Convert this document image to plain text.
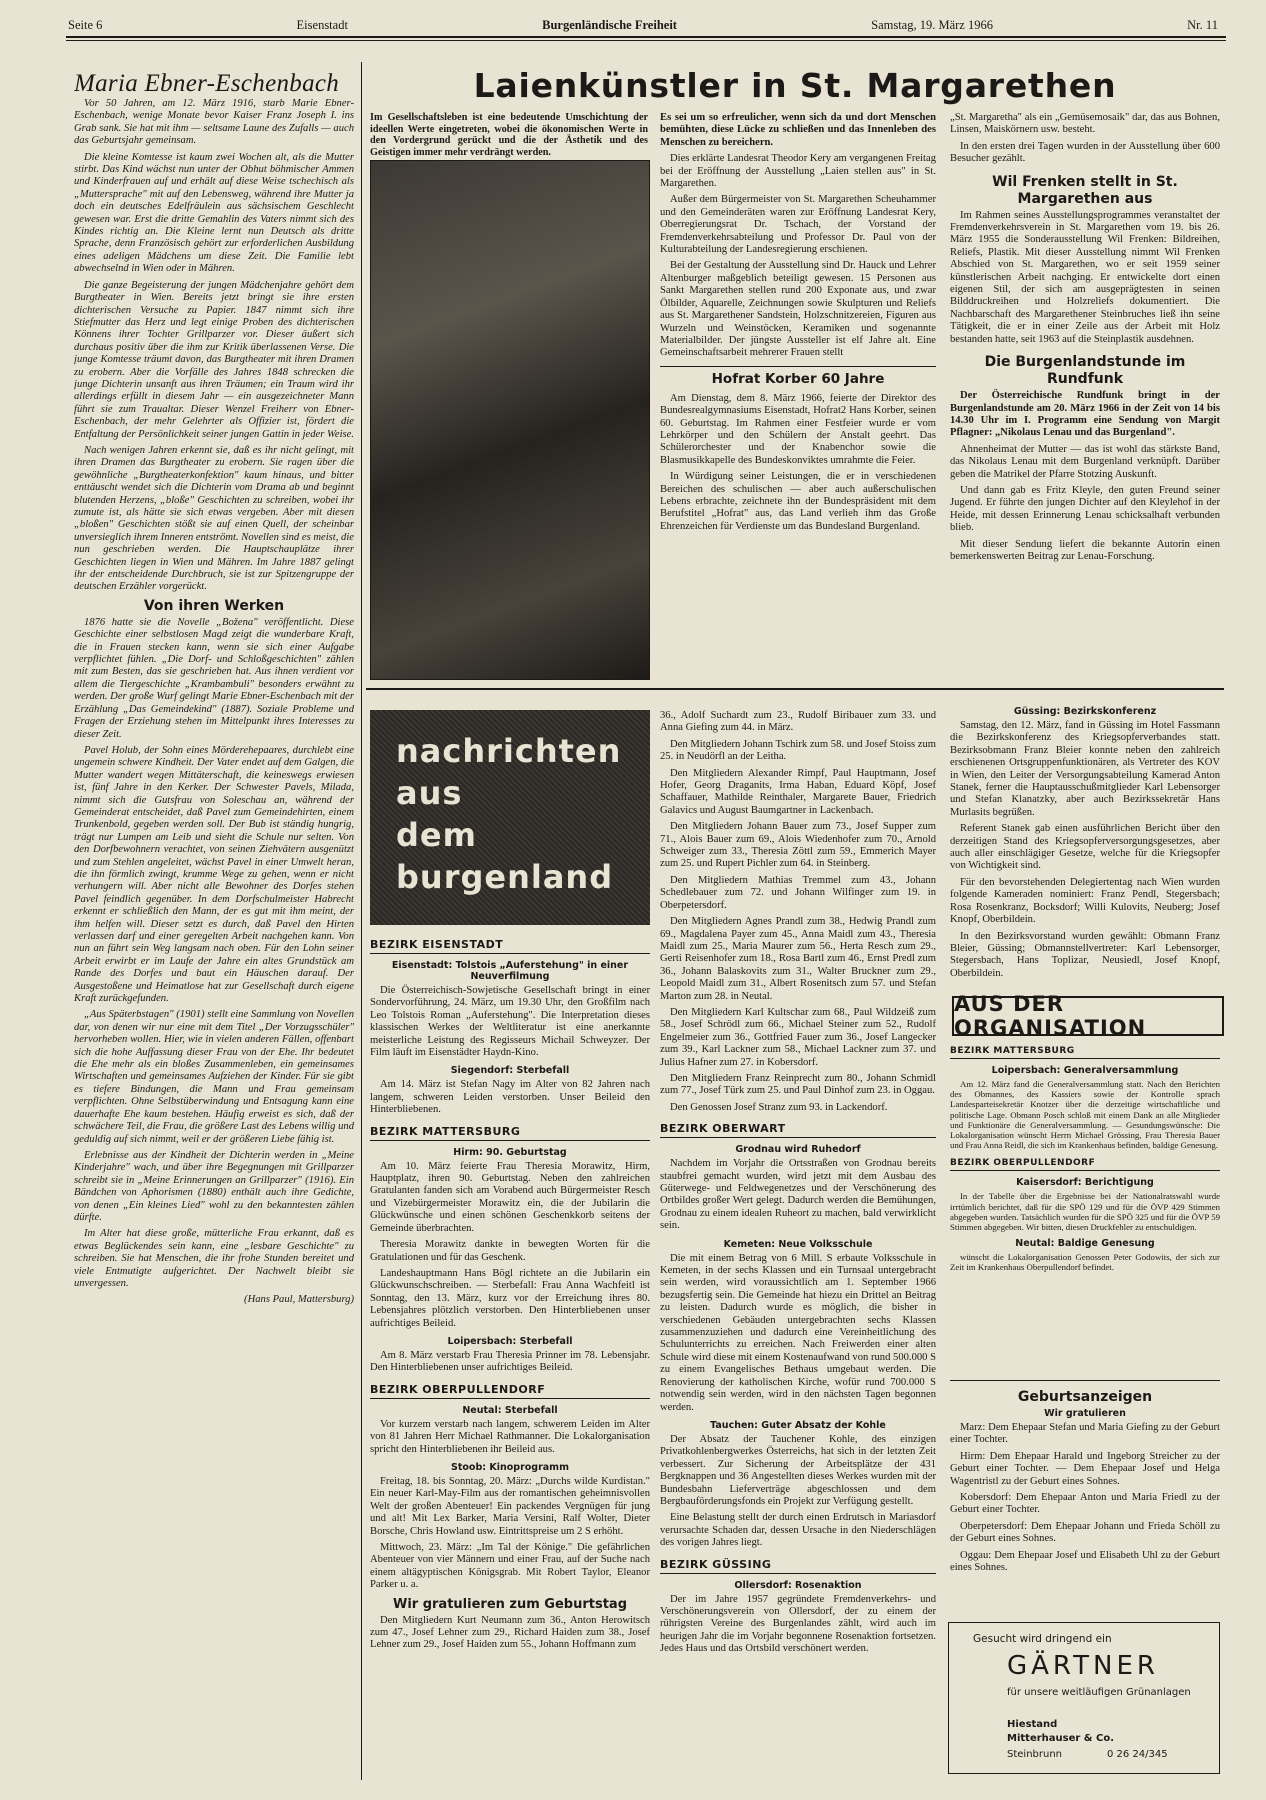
Seite 6	Eisenstadt	Burgenländische Freiheit	Samstag, 19. März 1966	Nr. 11
Maria Ebner-Eschenbach

Vor 50 Jahren, am 12. März 1916, starb Marie Ebner-Eschenbach, wenige Monate bevor Kaiser Franz Joseph I. ins Grab sank. Sie hat mit ihm — seltsame Laune des Zufalls — auch das Geburtsjahr gemeinsam.

Die kleine Komtesse ist kaum zwei Wochen alt, als die Mutter stirbt. Das Kind wächst nun unter der Obhut böhmischer Ammen und Kinderfrauen auf und erhält auf diese Weise tschechisch als „Muttersprache" mit auf den Lebensweg, während ihre Mutter ja doch ein deutsches Edelfräulein aus sächsischem Geschlecht gewesen war. Erst die dritte Gemahlin des Vaters nimmt sich des Kindes richtig an. Die Kleine lernt nun Deutsch als dritte Sprache, denn Französisch gehört zur erforderlichen Ausbildung eines adeligen Mädchens um diese Zeit. Die Familie lebt abwechselnd in Wien oder in Mähren.

Die ganze Begeisterung der jungen Mädchenjahre gehört dem Burgtheater in Wien. Bereits jetzt bringt sie ihre ersten dichterischen Versuche zu Papier. 1847 nimmt sich ihre Stiefmutter das Herz und legt einige Proben des dichterischen Könnens ihrer Tochter Grillparzer vor. Dieser äußert sich durchaus positiv über die ihm zur Kritik überlassenen Verse. Die junge Komtesse träumt davon, das Burgtheater mit ihren Dramen zu erobern. Aber die Vorfälle des Jahres 1848 schrecken die junge Dichterin unsanft aus ihren Träumen; ein Traum wird ihr allerdings erfüllt in diesem Jahr — ein ausgezeichneter Mann führt sie zum Traualtar. Dieser Wenzel Freiherr von Ebner-Eschenbach, der mehr Gelehrter als Offizier ist, fördert die Entfaltung der Persönlichkeit seiner jungen Gattin in jeder Weise.

Nach wenigen Jahren erkennt sie, daß es ihr nicht gelingt, mit ihren Dramen das Burgtheater zu erobern. Sie ragen über die gewöhnliche „Burgtheaterkonfektion" kaum hinaus, und bitter enttäuscht wendet sich die Dichterin vom Drama ab und beginnt blutenden Herzens, „bloße" Geschichten zu schreiben, wobei ihr zumute ist, als hätte sie sich etwas vergeben. Aber mit diesen „bloßen" Geschichten stößt sie auf einen Quell, der scheinbar unversieglich ihrem Inneren entströmt. Novellen sind es meist, die nun geschrieben werden. Die Hauptschauplätze ihrer Geschichten liegen in Wien und Mähren. Im Jahre 1887 gelingt ihr der entscheidende Durchbruch, sie ist zur Spitzengruppe der deutschen Erzähler vorgerückt.

Von ihren Werken

1876 hatte sie die Novelle „Božena" veröffentlicht. Diese Geschichte einer selbstlosen Magd zeigt die wunderbare Kraft, die in Frauen stecken kann, wenn sie sich einer Aufgabe verpflichtet fühlen. „Die Dorf- und Schloßgeschichten" zählen mit zum Besten, das sie geschrieben hat. Aus ihnen verdient vor allem die Tiergeschichte „Krambambuli" besonders erwähnt zu werden. Der große Wurf gelingt Marie Ebner-Eschenbach mit der Erzählung „Das Gemeindekind" (1887). Soziale Probleme und Fragen der Erziehung stehen im Mittelpunkt ihres Interesses zu dieser Zeit.

Pavel Holub, der Sohn eines Mörderehepaares, durchlebt eine ungemein schwere Kindheit. Der Vater endet auf dem Galgen, die Mutter wandert wegen Mittäterschaft, die keineswegs erwiesen ist, fünf Jahre in den Kerker. Der Schwester Pavels, Milada, nimmt sich die Gutsfrau von Soleschau an, während der Gemeinderat entscheidet, daß Pavel zum Gemeindehirten, einem Trunkenbold, gegeben werden soll. Der Bub ist ständig hungrig, trägt nur Lumpen am Leib und sieht die Schule nur selten. Von den Dorfbewohnern verachtet, von seinen Ziehvätern ausgenützt und zum Stehlen angeleitet, wächst Pavel in einer Umwelt heran, die ihn förmlich zwingt, krumme Wege zu gehen, wenn er nicht verhungern will. Aber nicht alle Bewohner des Dorfes stehen Pavel feindlich gegenüber. In dem Dorfschulmeister Habrecht erkennt er schließlich den Mann, der es gut mit ihm meint, der ihm helfen will. Dieser setzt es durch, daß Pavel den Hirten verlassen darf und einer geregelten Arbeit nachgehen kann. Von nun an führt sein Weg langsam nach oben. Für den Lohn seiner Arbeit erwirbt er im Laufe der Jahre ein altes Grundstück am Rande des Dorfes und baut ein Häuschen darauf. Der Ausgestoßene und Heimatlose hat zur Gesellschaft durch eigene Kraft zurückgefunden.

„Aus Späterbstagen" (1901) stellt eine Sammlung von Novellen dar, von denen wir nur eine mit dem Titel „Der Vorzugsschüler" hervorheben wollen. Hier, wie in vielen anderen Fällen, offenbart sich die hohe Auffassung dieser Frau von der Ehe. Ihr bedeutet die Ehe mehr als ein bloßes Zusammenleben, ein gemeinsames Wirtschaften und gemeinsames Aufziehen der Kinder. Für sie gibt es tiefere Bindungen, die Mann und Frau gemeinsam verpflichten. Ohne Selbstüberwindung und Entsagung kann eine dauerhafte Ehe kaum bestehen. Häufig erweist es sich, daß der schwächere Teil, die Frau, die größere Last des Lebens willig und geduldig auf sich nimmt, weil er der größeren Liebe fähig ist.

Erlebnisse aus der Kindheit der Dichterin werden in „Meine Kinderjahre" wach, und über ihre Begegnungen mit Grillparzer schreibt sie in „Meine Erinnerungen an Grillparzer" (1916). Ein Bändchen von Aphorismen (1880) enthält auch ihre Gedichte, von denen „Ein kleines Lied" wohl zu den bekanntesten zählen dürfte.

Im Alter hat diese große, mütterliche Frau erkannt, daß es etwas Beglückendes sein kann, eine „lesbare Geschichte" zu schreiben. Sie hat Menschen, die ihr frohe Stunden bereitet und viele Entmutigte aufgerichtet. Der Nachwelt bleibt sie unvergessen.

(Hans Paul, Mattersburg)

Laienkünstler in St. Margarethen

Im Gesellschaftsleben ist eine bedeutende Umschichtung der ideellen Werte eingetreten, wobei die ökonomischen Werte in den Vordergrund gerückt und die der Ästhetik und des Geistigen immer mehr verdrängt werden.

Es sei um so erfreulicher, wenn sich da und dort Menschen bemühten, diese Lücke zu schließen und das Innenleben des Menschen zu bereichern.

Dies erklärte Landesrat Theodor Kery am vergangenen Freitag bei der Eröffnung der Ausstellung „Laien stellen aus" in St. Margarethen.

Außer dem Bürgermeister von St. Margarethen Scheuhammer und den Gemeinderäten waren zur Eröffnung Landesrat Kery, Oberregierungsrat Dr. Tschach, der Vorstand der Fremdenverkehrsabteilung und Professor Dr. Paul von der Kulturabteilung der Landesregierung erschienen.

Bei der Gestaltung der Ausstellung sind Dr. Hauck und Lehrer Altenburger maßgeblich beteiligt gewesen. 15 Personen aus Sankt Margarethen stellen rund 200 Exponate aus, und zwar Ölbilder, Aquarelle, Zeichnungen sowie Skulpturen und Reliefs aus St. Margarethener Sandstein, Holzschnitzereien, Figuren aus Wurzeln und Weinstöcken, Keramiken und sogenannte Materialbilder. Der jüngste Aussteller ist elf Jahre alt. Eine Gemeinschaftsarbeit mehrerer Frauen stellt

Hofrat Korber 60 Jahre

Am Dienstag, dem 8. März 1966, feierte der Direktor des Bundesrealgymnasiums Eisenstadt, Hofrat2 Hans Korber, seinen 60. Geburtstag. Im Rahmen einer Festfeier wurde er vom Lehrkörper und den Schülern der Anstalt geehrt. Das Schülerorchester und der Knabenchor sowie die Blasmusikkapelle des Bundeskonviktes umrahmte die Feier.

In Würdigung seiner Leistungen, die er in verschiedenen Bereichen des schulischen — aber auch außerschulischen Lebens erbrachte, zeichnete ihn der Bundespräsident mit dem Berufstitel „Hofrat" aus, das Land verlieh ihm das Große Ehrenzeichen für Verdienste um das Bundesland Burgenland.

„St. Margaretha" als ein „Gemüsemosaik" dar, das aus Bohnen, Linsen, Maiskörnern usw. besteht.

In den ersten drei Tagen wurden in der Ausstellung über 600 Besucher gezählt.

Wil Frenken stellt in St. Margarethen aus

Im Rahmen seines Ausstellungsprogrammes veranstaltet der Fremdenverkehrsverein in St. Margarethen vom 19. bis 26. März 1955 die Sonderausstellung Wil Frenken: Bildreihen, Reliefs, Plastik. Mit dieser Ausstellung nimmt Wil Frenken Abschied von St. Margarethen, wo er seit 1959 seiner künstlerischen Arbeit nachging. Er entwickelte dort einen eigenen Stil, der sich am ausgeprägtesten in seinen Bilddruckreihen und Holzreliefs dokumentiert. Die Nachbarschaft des Margarethener Steinbruches ließ ihn seine Tätigkeit, die er in einer Zeile aus der Arbeit mit Holz bestanden hatte, seit 1963 auf die Steinplastik ausdehnen.

Die Burgenlandstunde im Rundfunk

Der Österreichische Rundfunk bringt in der Burgenlandstunde am 20. März 1966 in der Zeit von 14 bis 14.30 Uhr im I. Programm eine Sendung von Margit Pflagner: „Nikolaus Lenau und das Burgenland".

Ahnenheimat der Mutter — das ist wohl das stärkste Band, das Nikolaus Lenau mit dem Burgenland verknüpft. Darüber geben die Matrikel der Pfarre Stotzing Auskunft.

Und dann gab es Fritz Kleyle, den guten Freund seiner Jugend. Er führte den jungen Dichter auf den Kleylehof in der Heide, mit dessen Erinnerung Lenau schicksalhaft verbunden blieb.

Mit dieser Sendung liefert die bekannte Autorin einen bemerkenswerten Beitrag zur Lenau-Forschung.

nachrichten
aus
dem
burgenland
BEZIRK EISENSTADT
Eisenstadt: Tolstois „Auferstehung" in einer Neuverfilmung

Die Österreichisch-Sowjetische Gesellschaft bringt in einer Sondervorführung, 24. März, um 19.30 Uhr, den Großfilm nach Leo Tolstois Roman „Auferstehung". Die Interpretation dieses klassischen Werkes der Weltliteratur ist eine anerkannte meisterliche Leistung des Regisseurs Michail Schweyzer. Der Film läuft im Eisenstädter Haydn-Kino.

Siegendorf: Sterbefall

Am 14. März ist Stefan Nagy im Alter von 82 Jahren nach langem, schweren Leiden verstorben. Unser Beileid den Hinterbliebenen.

BEZIRK MATTERSBURG
Hirm: 90. Geburtstag

Am 10. März feierte Frau Theresia Morawitz, Hirm, Hauptplatz, ihren 90. Geburtstag. Neben den zahlreichen Gratulanten fanden sich am Vorabend auch Bürgermeister Resch und Vizebürgermeister Morawitz ein, die der Jubilarin die Glückwünsche und einen schönen Geschenkkorb seitens der Gemeinde überbrachten.

Theresia Morawitz dankte in bewegten Worten für die Gratulationen und für das Geschenk.

Landeshauptmann Hans Bögl richtete an die Jubilarin ein Glückwunschschreiben. — Sterbefall: Frau Anna Wachfeitl ist Sonntag, den 13. März, kurz vor der Erreichung ihres 80. Lebensjahres plötzlich verstorben. Den Hinterbliebenen unser aufrichtiges Beileid.

Loipersbach: Sterbefall

Am 8. März verstarb Frau Theresia Prinner im 78. Lebensjahr. Den Hinterbliebenen unser aufrichtiges Beileid.

BEZIRK OBERPULLENDORF
Neutal: Sterbefall

Vor kurzem verstarb nach langem, schwerem Leiden im Alter von 81 Jahren Herr Michael Rathmanner. Die Lokalorganisation spricht den Hinterbliebenen ihr Beileid aus.

Stoob: Kinoprogramm

Freitag, 18. bis Sonntag, 20. März: „Durchs wilde Kurdistan." Ein neuer Karl-May-Film aus der romantischen geheimnisvollen Welt der großen Abenteuer! Ein packendes Vergnügen für jung und alt! Mit Lex Barker, Maria Versini, Ralf Wolter, Dieter Borsche, Chris Howland usw. Eintrittspreise um 2 S erhöht.

Mittwoch, 23. März: „Im Tal der Könige." Die gefährlichen Abenteuer von vier Männern und einer Frau, auf der Suche nach einem altägyptischen Königsgrab. Mit Robert Taylor, Eleanor Parker u. a.

Wir gratulieren zum Geburtstag

Den Mitgliedern Kurt Neumann zum 36., Anton Herowitsch zum 47., Josef Lehner zum 29., Richard Haiden zum 38., Josef Lehner zum 29., Josef Haiden zum 55., Johann Hoffmann zum

36., Adolf Suchardt zum 23., Rudolf Biribauer zum 33. und Anna Giefing zum 44. in März.

Den Mitgliedern Johann Tschirk zum 58. und Josef Stoiss zum 25. in Neudörfl an der Leitha.

Den Mitgliedern Alexander Rimpf, Paul Hauptmann, Josef Hofer, Georg Draganits, Irma Haban, Eduard Köpf, Josef Schaffauer, Mathilde Reinthaler, Margarete Bauer, Friedrich Galavics und August Baumgartner in Lackenbach.

Den Mitgliedern Johann Bauer zum 73., Josef Supper zum 71., Alois Bauer zum 69., Alois Wiedenhofer zum 70., Arnold Schweiger zum 33., Theresia Zöttl zum 59., Emmerich Mayer zum 25. und Rupert Pichler zum 64. in Steinberg.

Den Mitgliedern Mathias Tremmel zum 43., Johann Schedlebauer zum 72. und Johann Wilfinger zum 19. in Oberpetersdorf.

Den Mitgliedern Agnes Prandl zum 38., Hedwig Prandl zum 69., Magdalena Payer zum 45., Anna Maidl zum 43., Theresia Maidl zum 25., Maria Maurer zum 56., Herta Resch zum 29., Gerti Reisenhofer zum 18., Rosa Bartl zum 46., Ernst Predl zum 36., Johann Balaskovits zum 31., Walter Bruckner zum 29., Leopold Maidl zum 31., Albert Rosenitsch zum 57. und Stefan Marton zum 28. in Neutal.

Den Mitgliedern Karl Kultschar zum 68., Paul Wildzeiß zum 58., Josef Schrödl zum 66., Michael Steiner zum 52., Rudolf Engelmeier zum 36., Gottfried Fauer zum 36., Josef Langecker zum 39., Karl Lackner zum 58., Michael Lackner zum 37. und Julius Hafner zum 27. in Kobersdorf.

Den Mitgliedern Franz Reinprecht zum 80., Johann Schmidl zum 77., Josef Türk zum 25. und Paul Dinhof zum 23. in Oggau.

Den Genossen Josef Stranz zum 93. in Lackendorf.

BEZIRK OBERWART
Grodnau wird Ruhedorf

Nachdem im Vorjahr die Ortsstraßen von Grodnau bereits staubfrei gemacht wurden, wird jetzt mit dem Ausbau des Güterwege- und Feldwegenetzes und der Verschönerung des Ortbildes großer Wert gelegt. Dadurch werden die Bemühungen, Grodnau zu einem idealen Ruheort zu machen, bald verwirklicht sein.

Kemeten: Neue Volksschule

Die mit einem Betrag von 6 Mill. S erbaute Volksschule in Kemeten, in der sechs Klassen und ein Turnsaal untergebracht sein werden, wird voraussichtlich am 1. September 1966 bezugsfertig sein. Die Gemeinde hat hiezu ein Drittel an Beitrag zu leisten. Dadurch wurde es möglich, die bisher in verschiedenen Gebäuden untergebrachten sechs Klassen zusammenzuziehen und dadurch eine Vereinheitlichung des Schulunterrichts zu erreichen. Nach Freiwerden einer alten Schule wird diese mit einem Kostenaufwand von rund 500.000 S zu einem Evangelisches Bethaus umgebaut werden. Die Renovierung der katholischen Kirche, wofür rund 700.000 S notwendig sein werden, wird in den nächsten Tagen begonnen werden.

Tauchen: Guter Absatz der Kohle

Der Absatz der Tauchener Kohle, des einzigen Privatkohlenbergwerkes Österreichs, hat sich in der letzten Zeit verbessert. Zur Sicherung der Arbeitsplätze der 431 Bergknappen und 36 Angestellten dieses Werkes wurden mit der Bundesbahn Lieferverträge abgeschlossen und dem Bergbauförderungsfonds ein Projekt zur Verfügung gestellt.

Eine Belastung stellt der durch einen Erdrutsch in Mariasdorf verursachte Schaden dar, dessen Ursache in den Niederschlägen des vorigen Jahres liegt.

BEZIRK GÜSSING
Ollersdorf: Rosenaktion

Der im Jahre 1957 gegründete Fremdenverkehrs- und Verschönerungsverein von Ollersdorf, der zu einem der rührigsten Vereine des Burgenlandes zählt, wird auch im heurigen Jahr die im Vorjahr begonnene Rosenaktion fortsetzen. Jedes Haus und das Ortsbild verschönert werden.

Güssing: Bezirkskonferenz

Samstag, den 12. März, fand in Güssing im Hotel Fassmann die Bezirkskonferenz des Kriegsopferverbandes statt. Bezirksobmann Franz Bleier konnte neben den zahlreich erschienenen Ortsgruppenfunktionären, als Vertreter des KOV in Wien, den Leiter der Versorgungsabteilung Kamerad Anton Stanek, ferner die Hauptausschußmitglieder Karl Lebensorger und Stefan Klanatzky, aber auch Bezirkssekretär Hans Murlasits begrüßen.

Referent Stanek gab einen ausführlichen Bericht über den derzeitigen Stand des Kriegsopferversorgungsgesetzes, aber auch aller einschlägiger Gesetze, welche für die Kriegsopfer von Wichtigkeit sind.

Für den bevorstehenden Delegiertentag nach Wien wurden folgende Kameraden nominiert: Franz Pendl, Stegersbach; Rosa Rosenkranz, Bocksdorf; Willi Kulovits, Neuberg; Josef Knopf, Oberbildein.

In den Bezirksvorstand wurden gewählt: Obmann Franz Bleier, Güssing; Obmannstellvertreter: Karl Lebensorger, Stegersbach, Hans Toplizar, Neusiedl, Josef Knopf, Oberbildein.

AUS DER ORGANISATION
BEZIRK MATTERSBURG
Loipersbach: Generalversammlung

Am 12. März fand die Generalversammlung statt. Nach den Berichten des Obmannes, des Kassiers sowie der Kontrolle sprach Landesparteisekretär Knotzer über die derzeitige wirtschaftliche und politische Lage. Obmann Posch schloß mit einem Dank an alle Mitglieder und Funktionäre die Generalversammlung. — Gesundungswünsche: Die Lokalorganisation wünscht Herrn Michael Grössing, Frau Theresia Bauer und Frau Anna Reidl, die sich im Krankenhaus befinden, baldige Genesung.

BEZIRK OBERPULLENDORF
Kaisersdorf: Berichtigung

In der Tabelle über die Ergebnisse bei der Nationalratswahl wurde irrtümlich berichtet, daß für die SPÖ 129 und für die ÖVP 429 Stimmen abgegeben wurden. Tatsächlich wurden für die SPÖ 325 und für die ÖVP 59 Stimmen abgegeben. Wir bitten, diesen Druckfehler zu entschuldigen.

Neutal: Baldige Genesung

wünscht die Lokalorganisation Genossen Peter Godowits, der sich zur Zeit im Krankenhaus Oberpullendorf befindet.

Geburtsanzeigen
Wir gratulieren

Marz: Dem Ehepaar Stefan und Maria Giefing zu der Geburt einer Tochter.

Hirm: Dem Ehepaar Harald und Ingeborg Streicher zu der Geburt einer Tochter. — Dem Ehepaar Josef und Helga Wagentristl zu der Geburt eines Sohnes.

Kobersdorf: Dem Ehepaar Anton und Maria Friedl zu der Geburt einer Tochter.

Oberpetersdorf: Dem Ehepaar Johann und Frieda Schöll zu der Geburt eines Sohnes.

Oggau: Dem Ehepaar Josef und Elisabeth Uhl zu der Geburt eines Sohnes.

Gesucht wird dringend ein
GÄRTNER
für unsere weitläufigen Grünanlagen
Hiestand
Mitterhauser & Co.
Steinbrunn	0 26 24/345
